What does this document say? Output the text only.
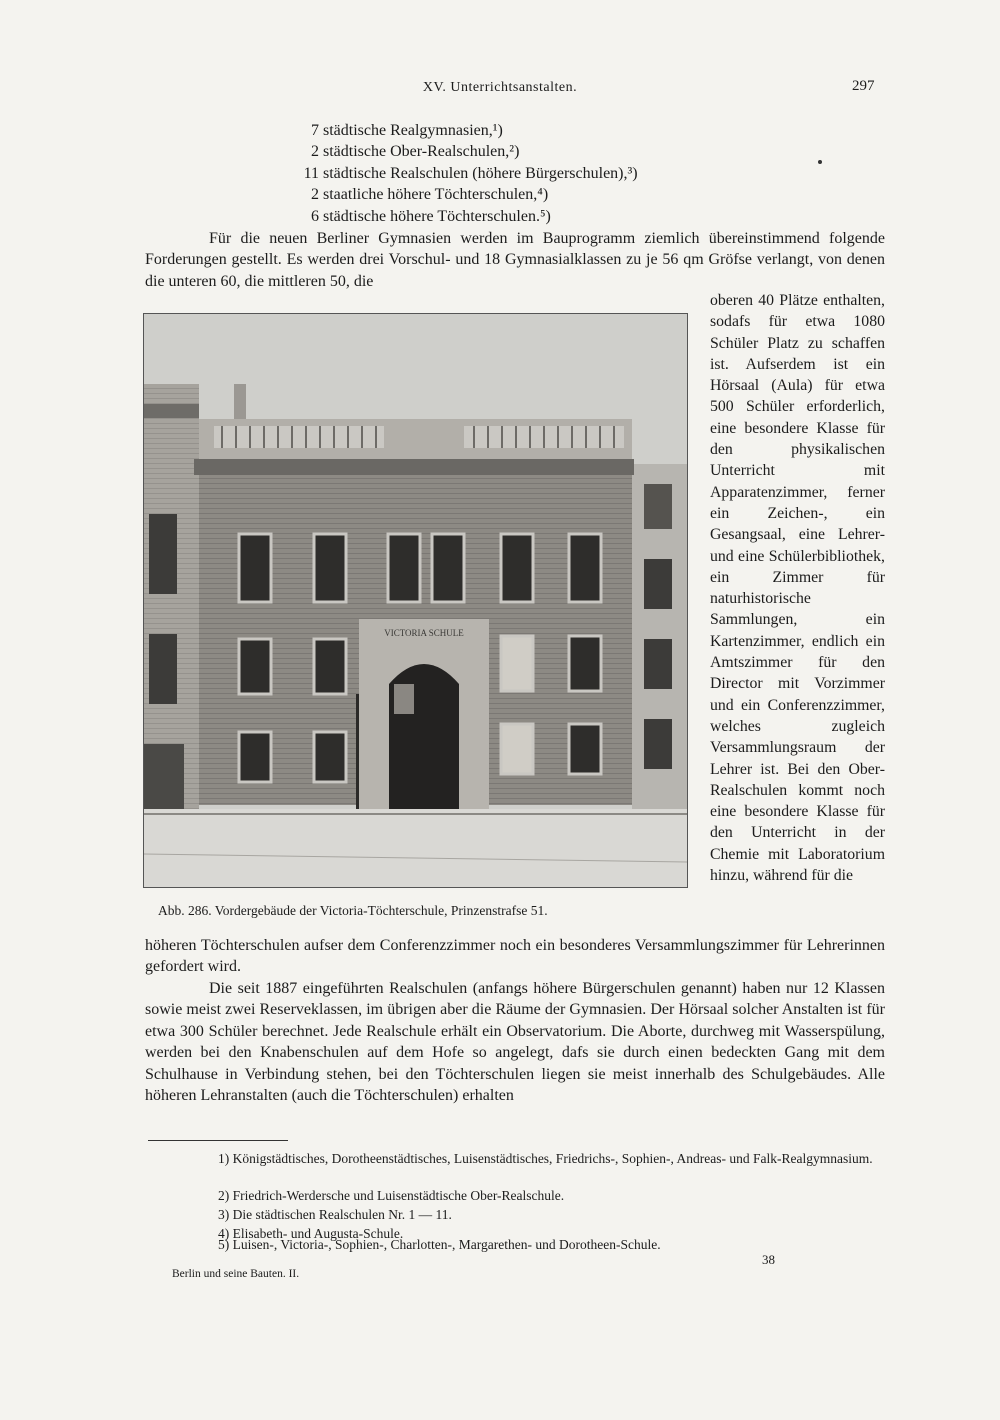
XV. Unterrichtsanstalten.	297
7 städtische Realgymnasien,¹)
2 städtische Ober-Realschulen,²)
11 städtische Realschulen (höhere Bürgerschulen),³)
2 staatliche höhere Töchterschulen,⁴)
6 städtische höhere Töchterschulen.⁵)
Für die neuen Berliner Gymnasien werden im Bauprogramm ziemlich übereinstimmend folgende Forderungen gestellt. Es werden drei Vorschul- und 18 Gymnasialklassen zu je 56 qm Gröfse verlangt, von denen die unteren 60, die mittleren 50, die
oberen 40 Plätze enthalten, sodafs für etwa 1080 Schüler Platz zu schaffen ist. Aufserdem ist ein Hörsaal (Aula) für etwa 500 Schüler erforderlich, eine besondere Klasse für den physikalischen Unterricht mit Apparatenzimmer, ferner ein Zeichen-, ein Gesangsaal, eine Lehrer- und eine Schülerbibliothek, ein Zimmer für naturhistorische Sammlungen, ein Kartenzimmer, endlich ein Amtszimmer für den Director mit Vorzimmer und ein Conferenzzimmer, welches zugleich Versammlungsraum der Lehrer ist. Bei den Ober-Realschulen kommt noch eine besondere Klasse für den Unterricht in der Chemie mit Laboratorium hinzu, während für die
VICTORIA SCHULE
Abb. 286. Vordergebäude der Victoria-Töchterschule, Prinzenstrafse 51.
höheren Töchterschulen aufser dem Conferenzzimmer noch ein besonderes Versammlungszimmer für Lehrerinnen gefordert wird.
Die seit 1887 eingeführten Realschulen (anfangs höhere Bürgerschulen genannt) haben nur 12 Klassen sowie meist zwei Reserveklassen, im übrigen aber die Räume der Gymnasien. Der Hörsaal solcher Anstalten ist für etwa 300 Schüler berechnet. Jede Realschule erhält ein Observatorium. Die Aborte, durchweg mit Wasserspülung, werden bei den Knabenschulen auf dem Hofe so angelegt, dafs sie durch einen bedeckten Gang mit dem Schulhause in Verbindung stehen, bei den Töchterschulen liegen sie meist innerhalb des Schulgebäudes. Alle höheren Lehranstalten (auch die Töchterschulen) erhalten
1) Königstädtisches, Dorotheenstädtisches, Luisenstädtisches, Friedrichs-, Sophien-, Andreas- und Falk-Realgymnasium.
2) Friedrich-Werdersche und Luisenstädtische Ober-Realschule.
3) Die städtischen Realschulen Nr. 1 — 11.
4) Elisabeth- und Augusta-Schule.
5) Luisen-, Victoria-, Sophien-, Charlotten-, Margarethen- und Dorotheen-Schule.
Berlin und seine Bauten. II.
38
